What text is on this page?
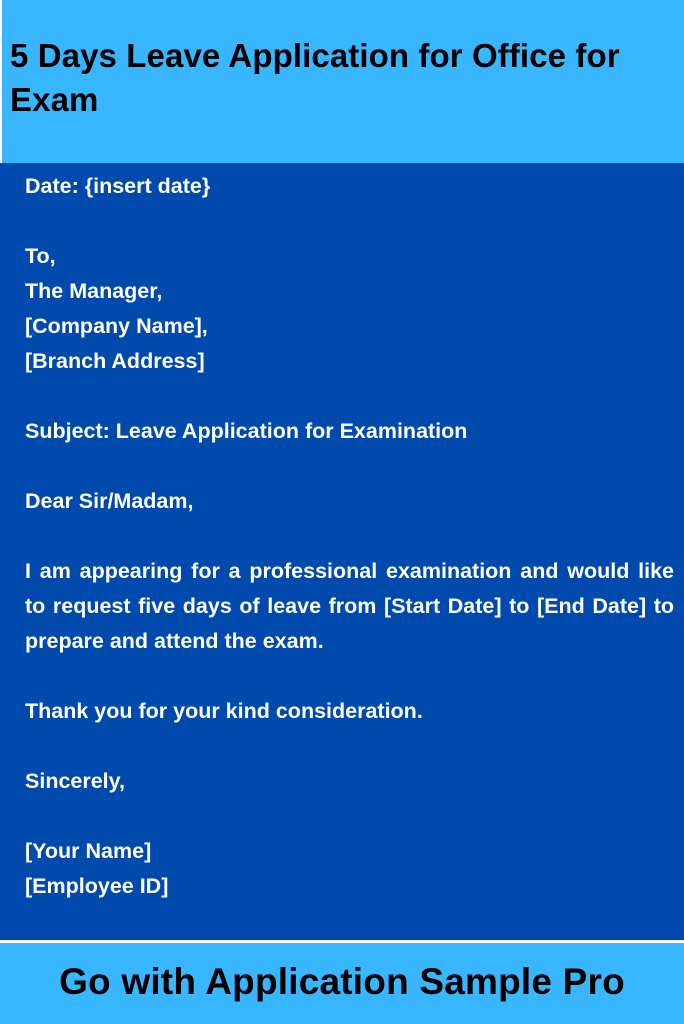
5 Days Leave Application for Office for Exam

Date: {insert date}

To,
The Manager,
[Company Name],
[Branch Address]

Subject: Leave Application for Examination

Dear Sir/Madam,

I am appearing for a professional examination and would like to request five days of leave from [Start Date] to [End Date] to prepare and attend the exam.

Thank you for your kind consideration.

Sincerely,

[Your Name]
[Employee ID]

Go with Application Sample Pro
